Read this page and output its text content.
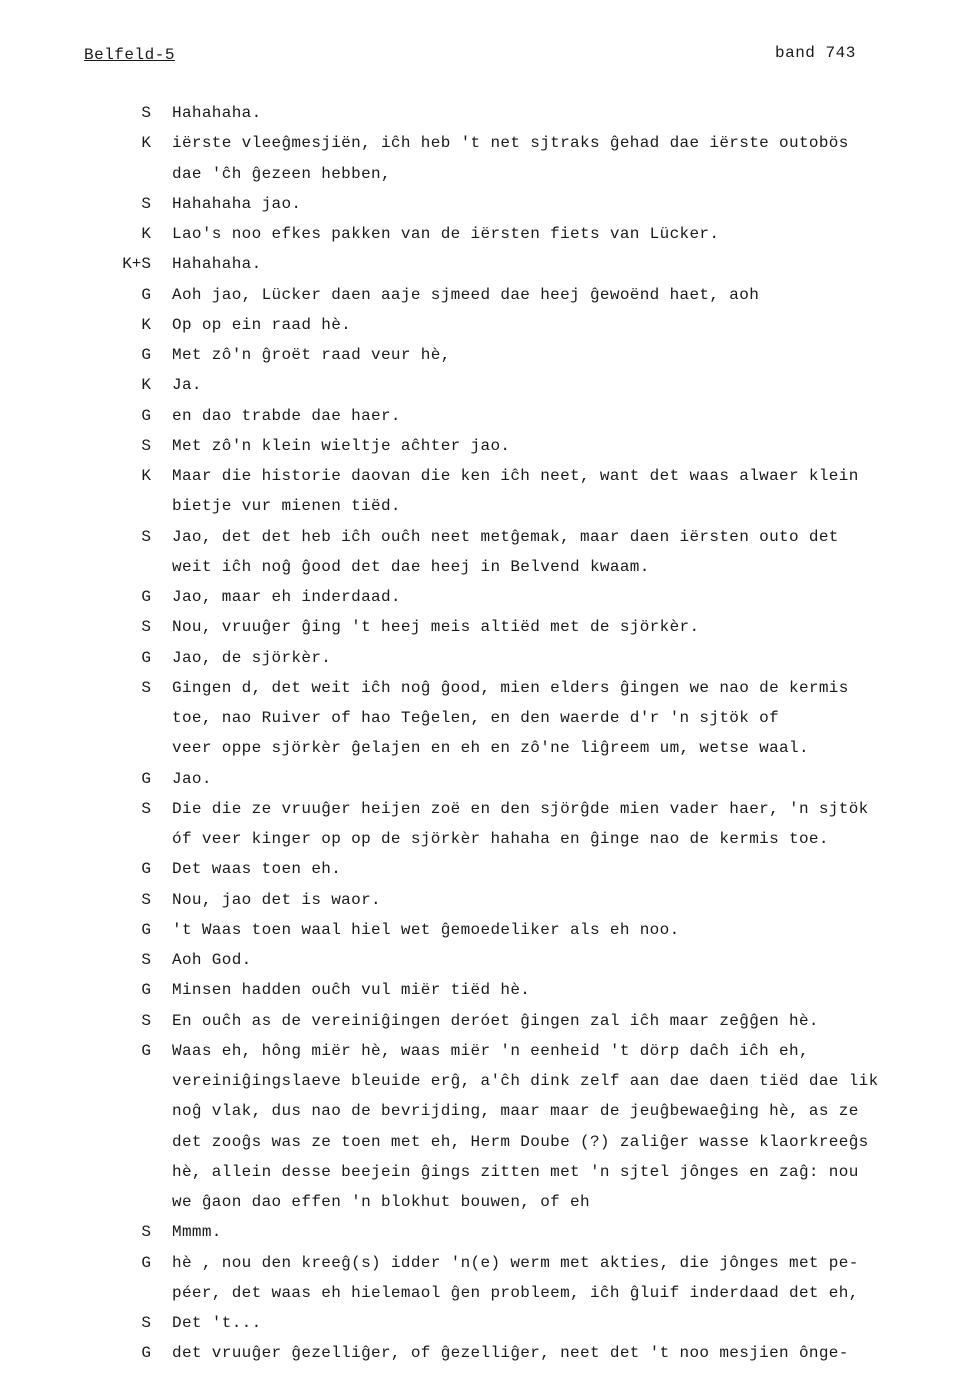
Belfeld-5	band 743
S Hahahaha.
K iërste vleeĝmesjiën, iĉh heb 't net sjtraks ĝehad dae iërste outobös
dae 'ĉh ĝezeen hebben,
S Hahahaha jao.
K Lao's noo efkes pakken van de iërsten fiets van Lücker.
K+S Hahahaha.
G Aoh jao, Lücker daen aaje sjmeed dae heej ĝewoënd haet, aoh
K Op op ein raad hè.
G Met zô'n ĝroët raad veur hè,
K Ja.
G en dao trabde dae haer.
S Met zô'n klein wieltje aĉhter jao.
K Maar die historie daovan die ken iĉh neet, want det waas alwaer klein
bietje vur mienen tiëd.
S Jao, det det heb iĉh ouĉh neet metĝemak, maar daen iërsten outo det
weit iĉh noĝ ĝood det dae heej in Belvend kwaam.
G Jao, maar eh inderdaad.
S Nou, vruuĝer ĝing 't heej meis altiëd met de sjörkèr.
G Jao, de sjörkèr.
S Gingen d, det weit iĉh noĝ ĝood, mien elders ĝingen we nao de kermis
toe, nao Ruiver of hao Teĝelen, en den waerde d'r 'n sjtök of
veer oppe sjörkèr ĝelajen en eh en zô'ne liĝreem um, wetse waal.
G Jao.
S Die die ze vruuĝer heijen zoë en den sjörĝde mien vader haer, 'n sjtök
óf veer kinger op op de sjörkèr hahaha en ĝinge nao de kermis toe.
G Det waas toen eh.
S Nou, jao det is waor.
G 't Waas toen waal hiel wet ĝemoedeliker als eh noo.
S Aoh God.
G Minsen hadden ouĉh vul miër tiëd hè.
S En ouĉh as de vereiniĝingen deróet ĝingen zal iĉh maar zeĝĝen hè.
G Waas eh, hông miër hè, waas miër 'n eenheid 't dörp daĉh iĉh eh,
vereiniĝingslaeve bleuide erĝ, a'ĉh dink zelf aan dae daen tiëd dae lik
noĝ vlak, dus nao de bevrijding, maar maar de jeuĝbewaeĝing hè, as ze
det zooĝs was ze toen met eh, Herm Doube (?) zaliĝer wasse klaorkreeĝs
hè, allein desse beejein ĝings zitten met 'n sjtel jônges en zaĝ: nou
we ĝaon dao effen 'n blokhut bouwen, of eh
S Mmmm.
G hè , nou den kreeĝ(s) idder 'n(e) werm met akties, die jônges met pe-
péer, det waas eh hielemaol ĝen probleem, iĉh ĝluif inderdaad det eh,
S Det 't...
G det vruuĝer ĝezelliĝer, of ĝezelliĝer, neet det 't noo mesjien ônge-
